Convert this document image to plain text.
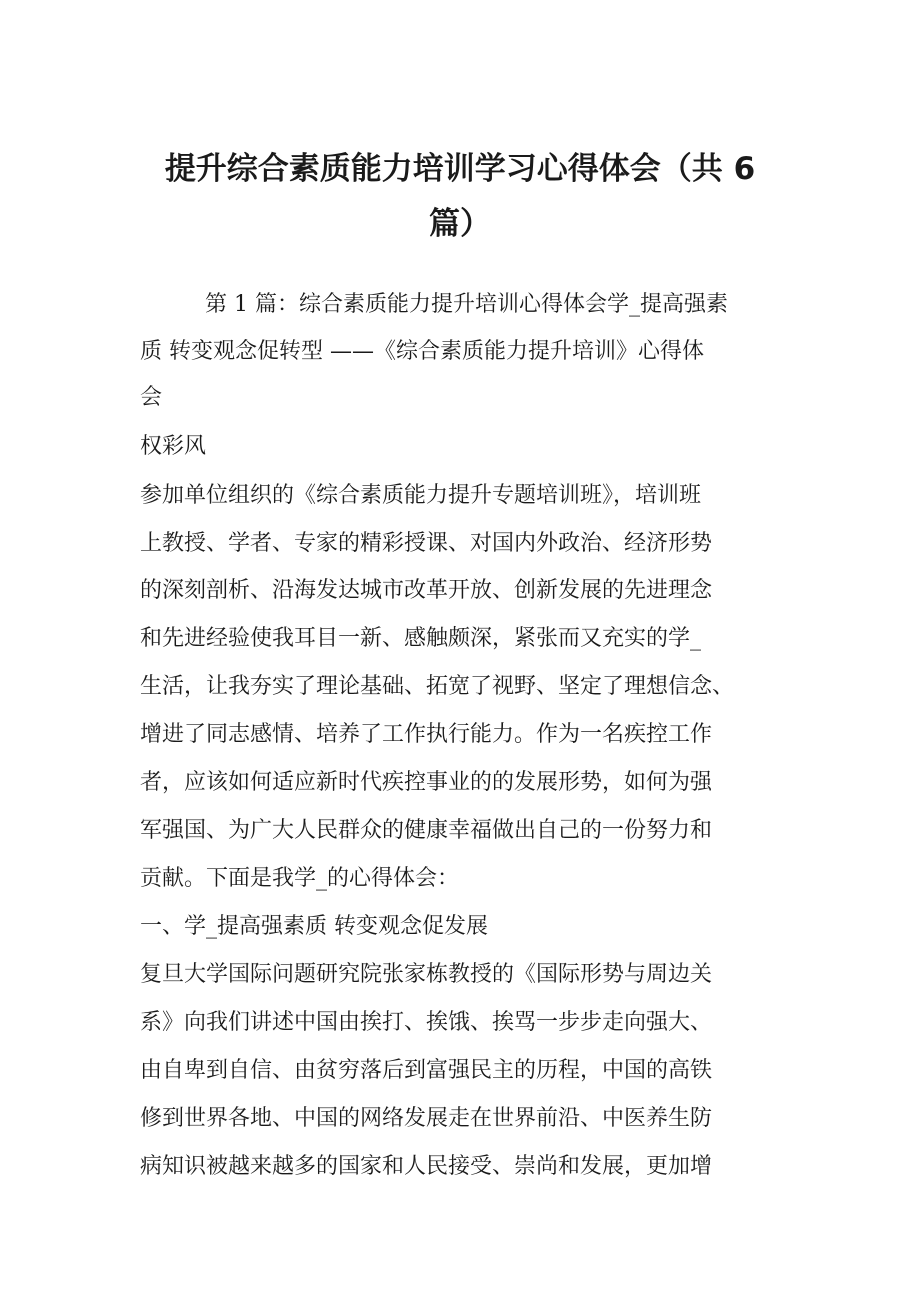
提升综合素质能力培训学习心得体会（共 6
篇）

第 1 篇：综合素质能力提升培训心得体会学_提高强素

质 转变观念促转型 ——《综合素质能力提升培训》心得体

会

权彩风

参加单位组织的《综合素质能力提升专题培训班》，培训班

上教授、学者、专家的精彩授课、对国内外政治、经济形势

的深刻剖析、沿海发达城市改革开放、创新发展的先进理念

和先进经验使我耳目一新、感触颇深，紧张而又充实的学_

生活，让我夯实了理论基础、拓宽了视野、坚定了理想信念、

增进了同志感情、培养了工作执行能力。作为一名疾控工作

者，应该如何适应新时代疾控事业的的发展形势，如何为强

军强国、为广大人民群众的健康幸福做出自己的一份努力和

贡献。下面是我学_的心得体会：

一、学_提高强素质 转变观念促发展

复旦大学国际问题研究院张家栋教授的《国际形势与周边关

系》向我们讲述中国由挨打、挨饿、挨骂一步步走向强大、

由自卑到自信、由贫穷落后到富强民主的历程，中国的高铁

修到世界各地、中国的网络发展走在世界前沿、中医养生防

病知识被越来越多的国家和人民接受、崇尚和发展，更加增
